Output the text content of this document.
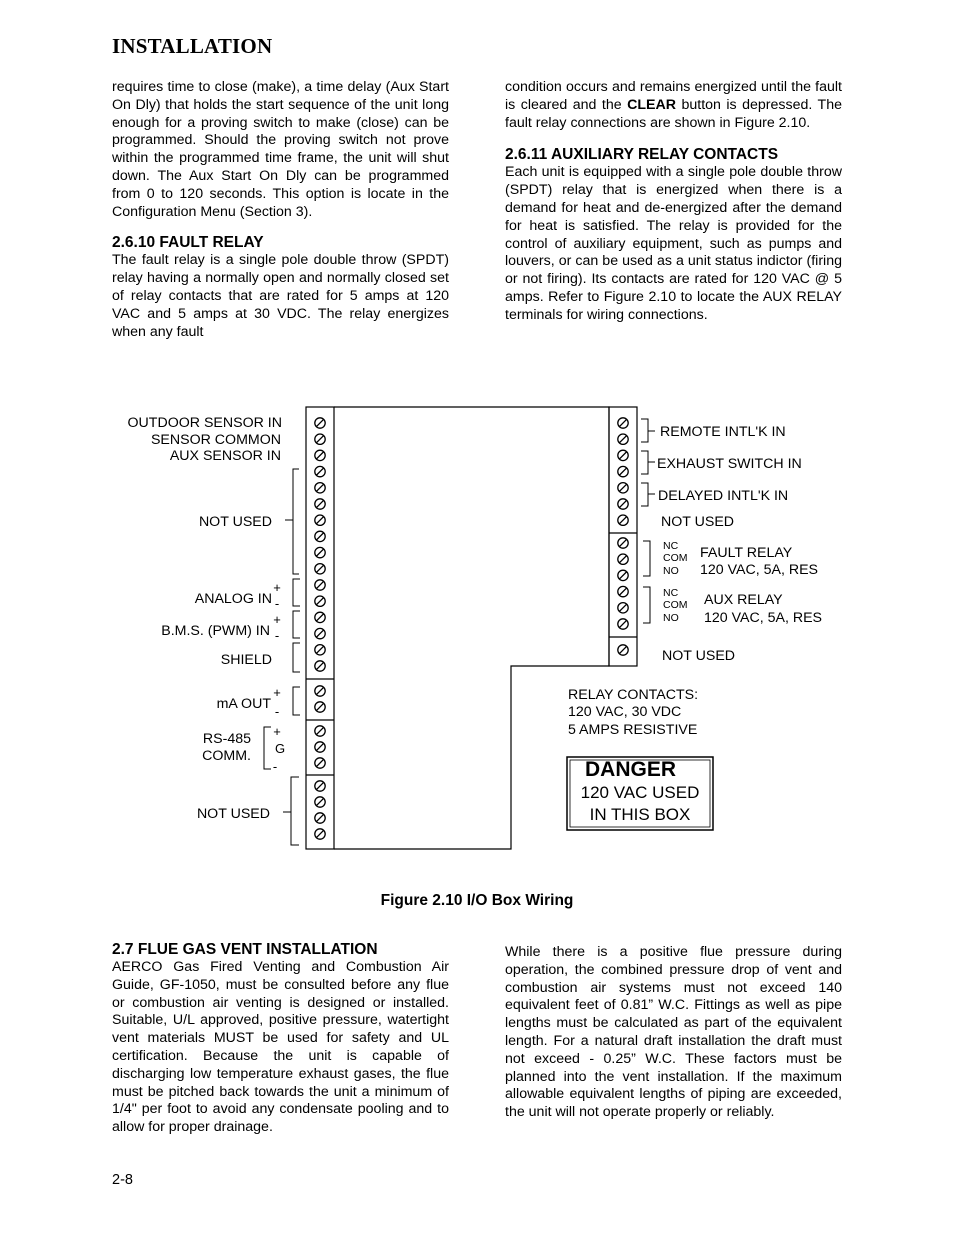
INSTALLATION

requires time to close (make), a time delay (Aux Start On Dly) that holds the start sequence of the unit long enough for a proving switch to make (close) can be programmed. Should the proving switch not prove within the programmed time frame, the unit will shut down. The Aux Start On Dly can be programmed from 0 to 120 seconds. This option is locate in the Configuration Menu (Section 3).

2.6.10 FAULT RELAY

The fault relay is a single pole double throw (SPDT) relay having a normally open and normally closed set of relay contacts that are rated for 5 amps at 120 VAC and 5 amps at 30 VDC. The relay energizes when any fault

condition occurs and remains energized until the fault is cleared and the CLEAR button is depressed. The fault relay connections are shown in Figure 2.10.

2.6.11 AUXILIARY RELAY CONTACTS

Each unit is equipped with a single pole double throw (SPDT) relay that is energized when there is a demand for heat and de-energized after the demand for heat is satisfied. The relay is provided for the control of auxiliary equipment, such as pumps and louvers, or can be used as a unit status indictor (firing or not firing). Its contacts are rated for 120 VAC @ 5 amps. Refer to Figure 2.10 to locate the AUX RELAY terminals for wiring connections.

OUTDOOR SENSOR IN
SENSOR COMMON
AUX SENSOR IN
NOT USED
ANALOG IN
B.M.S. (PWM) IN
SHIELD
mA OUT
RS-485
COMM.
NOT USED
+
-
+
-
+
-
+
G
-
REMOTE INTL'K IN
EXHAUST SWITCH IN
DELAYED INTL'K IN
NOT USED
FAULT RELAY
120 VAC, 5A, RES
AUX RELAY
120 VAC, 5A, RES
NOT USED
RELAY CONTACTS:
120 VAC, 30 VDC
5 AMPS RESISTIVE
NC
COM
NO
NC
COM
NO
DANGER
120 VAC USED
IN THIS BOX
Figure 2.10 I/O Box Wiring

2.7 FLUE GAS VENT INSTALLATION

AERCO Gas Fired Venting and Combustion Air Guide, GF-1050, must be consulted before any flue or combustion air venting is designed or installed. Suitable, U/L approved, positive pressure, watertight vent materials MUST be used for safety and UL certification. Because the unit is capable of discharging low temperature exhaust gases, the flue must be pitched back towards the unit a minimum of 1/4" per foot to avoid any condensate pooling and to allow for proper drainage.

While there is a positive flue pressure during operation, the combined pressure drop of vent and combustion air systems must not exceed 140 equivalent feet of 0.81” W.C. Fittings as well as pipe lengths must be calculated as part of the equivalent length. For a natural draft installation the draft must not exceed - 0.25” W.C. These factors must be planned into the vent installation. If the maximum allowable equivalent lengths of piping are exceeded, the unit will not operate properly or reliably.

2-8
